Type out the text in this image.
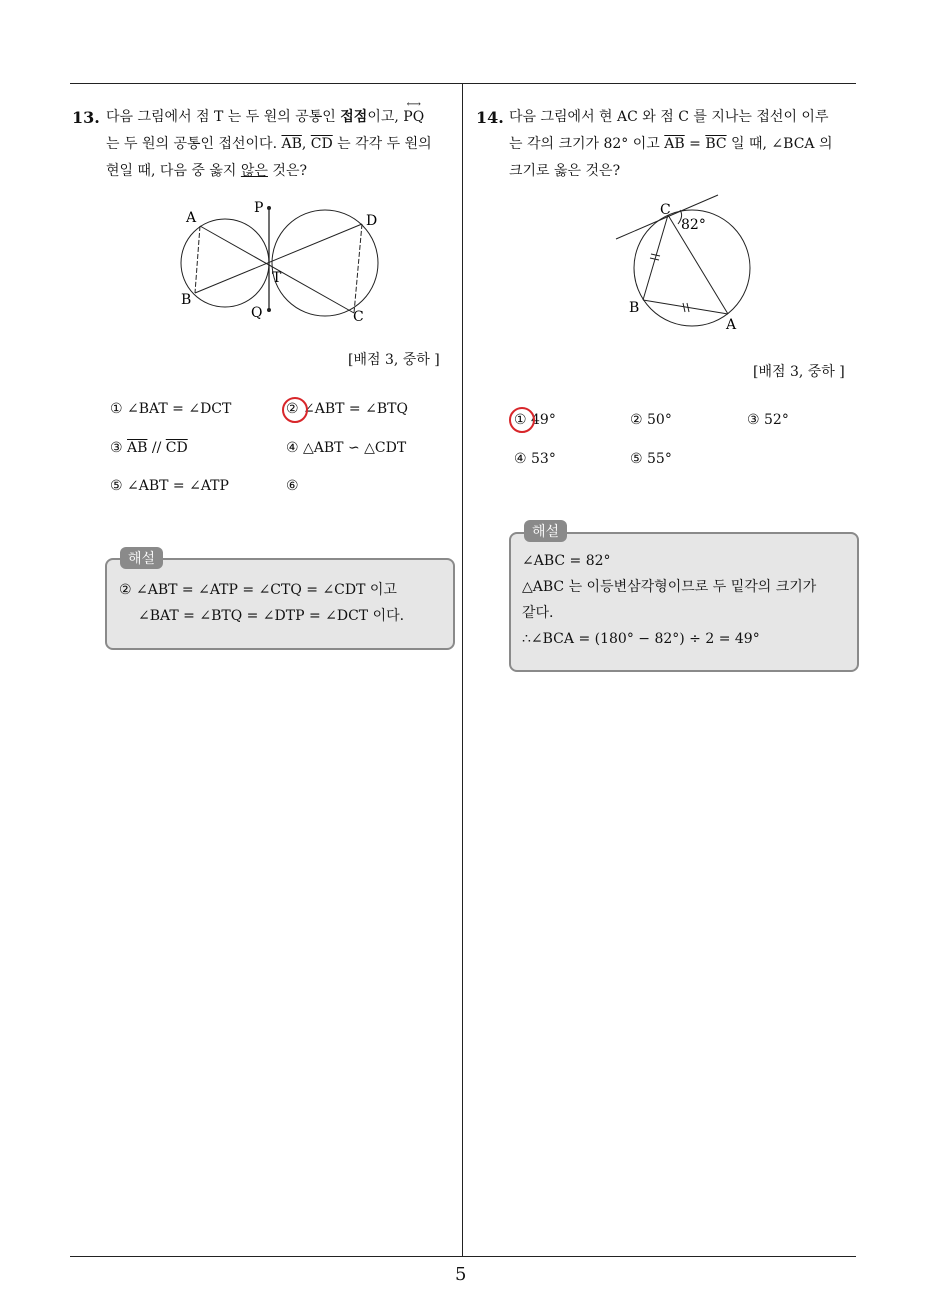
13. 다음 그림에서 점 T 는 두 원의 공통인 접점이고,
⟷
PQ
는 두 원의 공통인 접선이다. $\overline{AB}$, $\overline{CD}$ 는 각각 두 원의
현일 때, 다음 중 옳지 않은 것은?
A
P
D
T
B
Q	C
[배점 3, 중하 ]
① ∠BAT = ∠DCT	② ∠ABT = ∠BTQ
③ $\overline{AB} // \overline{CD}$	④ △ABT ∽ △CDT
⑤ ∠ABT = ∠ATP	⑥
해설
② ∠ABT = ∠ATP = ∠CTQ = ∠CDT 이고
∠BAT = ∠BTQ = ∠DTP = ∠DCT 이다.
14. 다음 그림에서 현 AC 와 점 C 를 지나는 접선이 이루
는 각의 크기가 82° 이고 $\overline{AB} = \overline{BC}$ 일 때, ∠BCA 의
크기로 옳은 것은?
C
82°
B
A
[배점 3, 중하 ]
① 49°	② 50°	③ 52°
④ 53°	⑤ 55°
해설
∠ABC = 82°
△ABC 는 이등변삼각형이므로 두 밑각의 크기가
같다.
∴∠BCA = (180° − 82°) ÷ 2 = 49°
5
